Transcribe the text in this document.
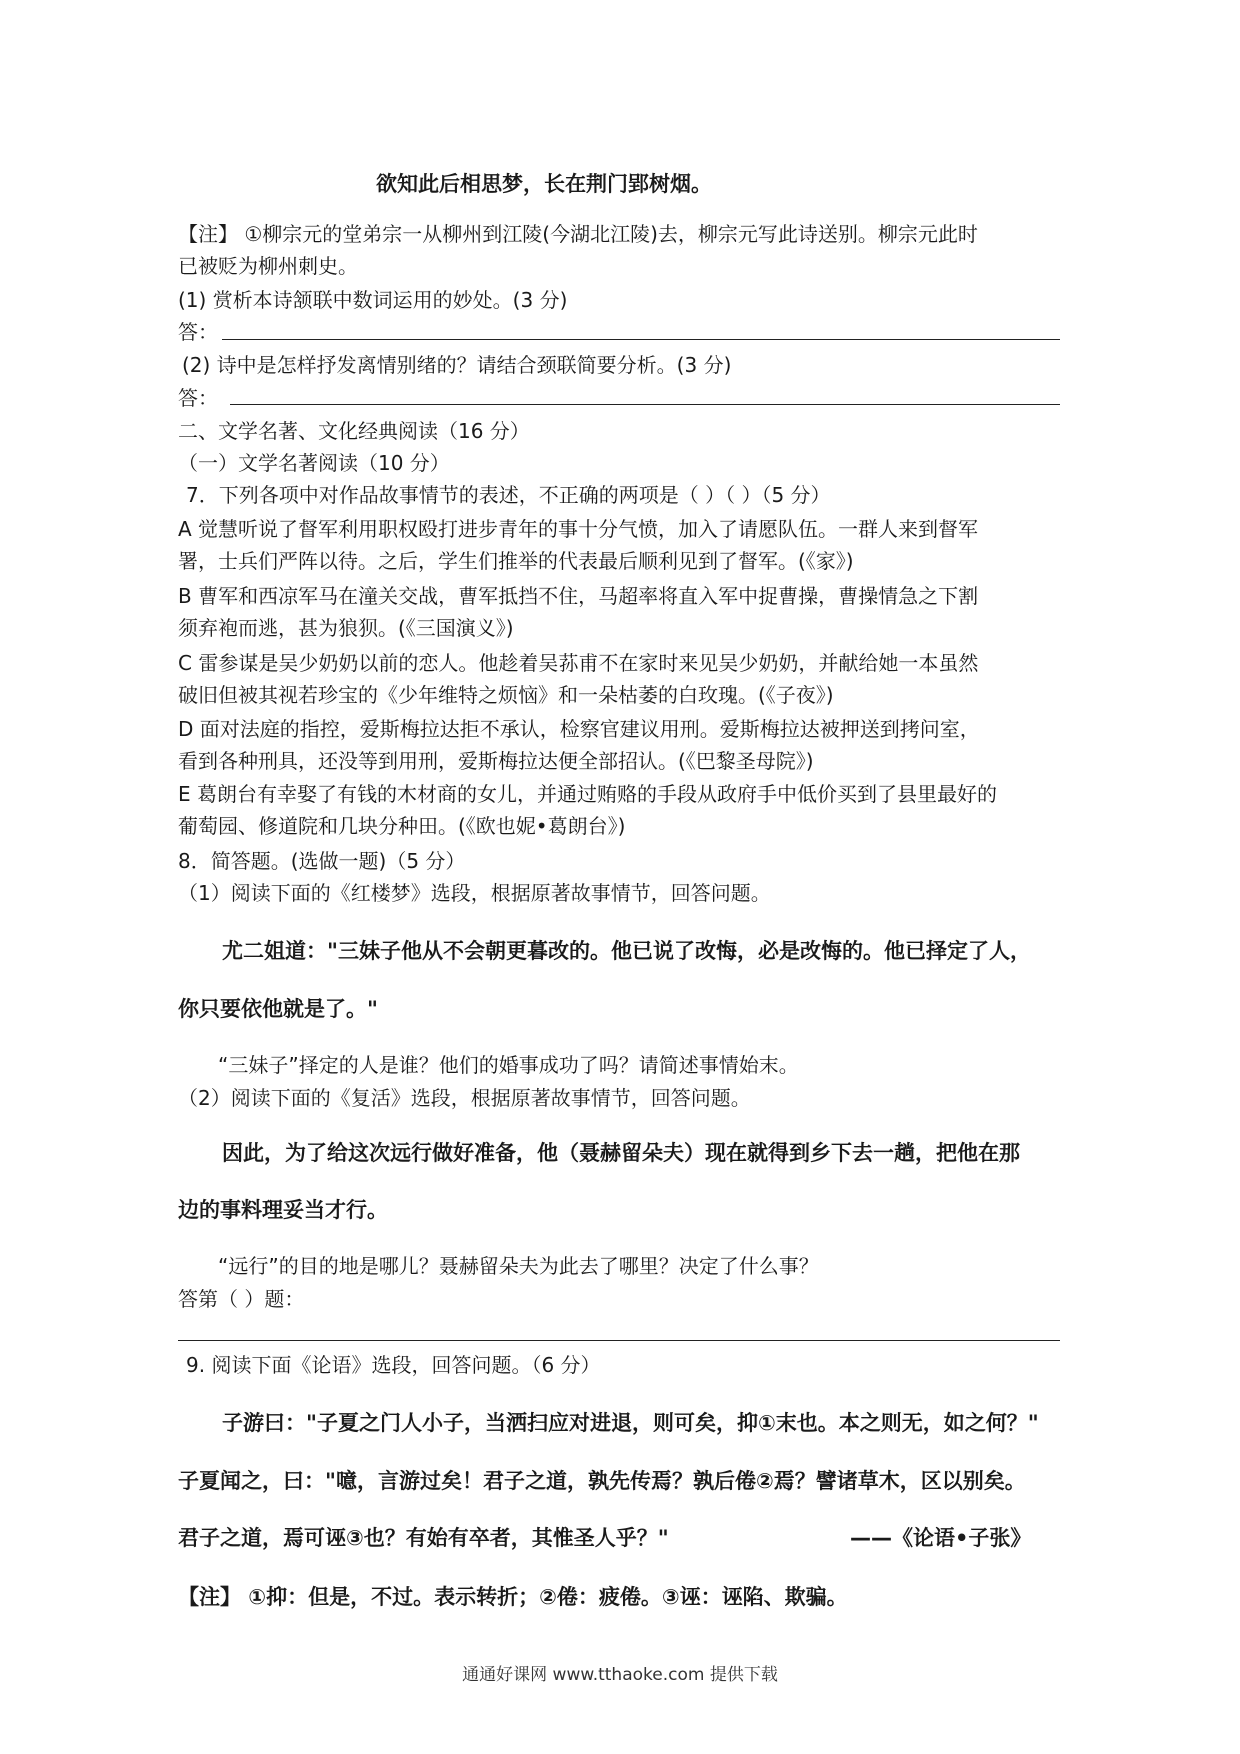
欲知此后相思梦，长在荆门郢树烟。
【注】 ①柳宗元的堂弟宗一从柳州到江陵(今湖北江陵)去，柳宗元写此诗送别。柳宗元此时
已被贬为柳州刺史。
(1) 赏析本诗颔联中数词运用的妙处。(3 分)
答：
(2) 诗中是怎样抒发离情别绪的？请结合颈联简要分析。(3 分)
答：
二、文学名著、文化经典阅读（16 分）
（一）文学名著阅读（10 分）
7．下列各项中对作品故事情节的表述，不正确的两项是（ ）（ ）（5 分）
A 觉慧听说了督军利用职权殴打进步青年的事十分气愤，加入了请愿队伍。一群人来到督军
署，士兵们严阵以待。之后，学生们推举的代表最后顺利见到了督军。(《家》)
B 曹军和西凉军马在潼关交战，曹军抵挡不住，马超率将直入军中捉曹操，曹操情急之下割
须弃袍而逃，甚为狼狈。(《三国演义》)
C 雷参谋是吴少奶奶以前的恋人。他趁着吴荪甫不在家时来见吴少奶奶，并献给她一本虽然
破旧但被其视若珍宝的《少年维特之烦恼》和一朵枯萎的白玫瑰。(《子夜》)
D 面对法庭的指控，爱斯梅拉达拒不承认，检察官建议用刑。爱斯梅拉达被押送到拷问室，
看到各种刑具，还没等到用刑，爱斯梅拉达便全部招认。(《巴黎圣母院》)
E 葛朗台有幸娶了有钱的木材商的女儿，并通过贿赂的手段从政府手中低价买到了县里最好的
葡萄园、修道院和几块分种田。(《欧也妮•葛朗台》)
8．简答题。(选做一题)（5 分）
（1）阅读下面的《红楼梦》选段，根据原著故事情节，回答问题。
尤二姐道："三妹子他从不会朝更暮改的。他已说了改悔，必是改悔的。他已择定了人，
你只要依他就是了。"
“三妹子”择定的人是谁？他们的婚事成功了吗？请简述事情始末。
（2）阅读下面的《复活》选段，根据原著故事情节，回答问题。
因此，为了给这次远行做好准备，他（聂赫留朵夫）现在就得到乡下去一趟，把他在那
边的事料理妥当才行。
“远行”的目的地是哪儿？聂赫留朵夫为此去了哪里？决定了什么事？
答第（ ）题：
9. 阅读下面《论语》选段，回答问题。（6 分）
子游曰："子夏之门人小子，当洒扫应对进退，则可矣，抑①末也。本之则无，如之何？"
子夏闻之，曰："噫，言游过矣！君子之道，孰先传焉？孰后倦②焉？譬诸草木，区以别矣。
君子之道，焉可诬③也？有始有卒者，其惟圣人乎？"	——《论语•子张》
【注】 ①抑：但是，不过。表示转折；②倦：疲倦。③诬：诬陷、欺骗。
通通好课网 www.tthaoke.com 提供下载
